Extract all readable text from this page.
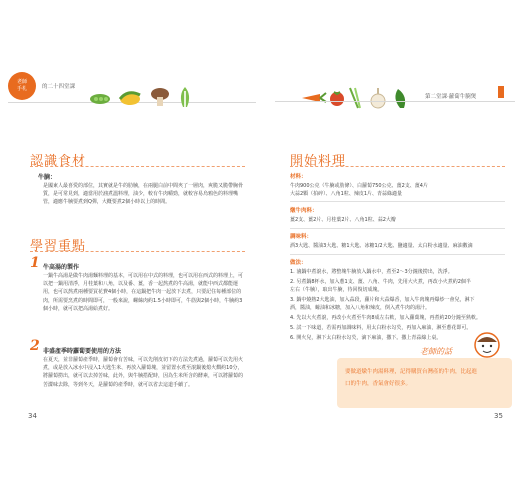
老師
手札	的二十四堂課
第二堂課‧蘿蔔牛腩煲
認識食材
牛腩：
是國東人最喜愛的部位，其實就是牛的肋腩，在兩腿白前中間夾了一層肉，爽脆又脆帶胸骨質，是可常見到，適當用於滷煮溫料理，油少，較有牛肉嚼勁，就較容易烏鴉色的料理嘴管，適應牛腩要煮到Q彈，大概要煮2個小時以上的時間。
學習重點
1 牛高湯的製作
一鍋牛高湯是做牛肉湯麵料理的基本，可以用在中式的料理，也可以用在西式的料理上，可以把一鍋用清淨，月桂葉和八角，以及番、薑，香一起熬煮的牛高湯，就能中西式都能運用，也可以熬煮兩種要買花費4個小時，在這鍋把牛肉一起放下去煮，只要記住每種部位的肉，所需要烹煮的時間即可，一般來說，螺絲肉約1.5小時即可，牛筋與2個小時，牛腩約3個小時，就可以把高湯給煮好。
2 非盛產季時蘿蔔要使用的方法
在夏天，並非蘿蔔產季時，蘿蔔會有苦味，可以先削皮切下的方法先煮過，蘿蔔可以先用火煮，或是放入冰水中浸入1大匙生米、再放入蘿蔔塊，並留置水煮至滾鍋後熄火燜約10分，將蘿蔔撈出，就可以去掉苦味，此外，與牛腩搭配時，因為生米所含的酵素，可以將蘿蔔的苦澀味去除，等到冬天，是蘿蔔的產季時，就可以省去這道手續了。
34
開始料理
材料：
牛肉900公克（牛腩或肋條）、白蘿蔔750公克、薑2支、薑4片
大蒜2顆（拍碎）、八角1粒、辣皮1片、青蒜綠適量
燉牛肉料：
薑2支、薑2片、月桂葉2片、八角1粒、蒜2大瓣
調味料：
酒3大匙、醬油3大匙、糖1大匙、冰糖1/2大匙、鹽適量、太白粉水適量、麻油數滴
做法：
1. 滷鍋中煮滾水，將整塊牛腩放入鍋水中，煮至2～3分鐘後撈出，洗淨。
2. 另煮鍋8杯水，加入蔥1支、薑、八角、牛肉，先用大火煮，再改小火煮約2個半
左右（牛腩），取出牛腩，待回復切成塊。
3. 鍋中燒熱2大匙油，加入蒜段，蘿片和大蒜爆香，加入牛肉塊再爆炒一會兒，淋下
酒，醬油，蠔油和冰糖，加入八角和辣皮，倒入煮牛肉的湯汁。
4. 先以大火煮滾，再改小火煮至牛肉8成左右軟，加入蘿蔔塊，再煮約20分鐘至熟軟。
5. 試一下味道，若需再加調味料，用太白粉水勾芡，再加入麻油，淋至蔥花即可。
6. 開火兒，淋下太白粉水勾芡，滴下麻油，撒下。撒上青蒜綠上桌。
老師的話
要做道燉牛肉湯料理，記得購買台灣產的牛肉，比起進
口的牛肉，香氣會好很多。
35
